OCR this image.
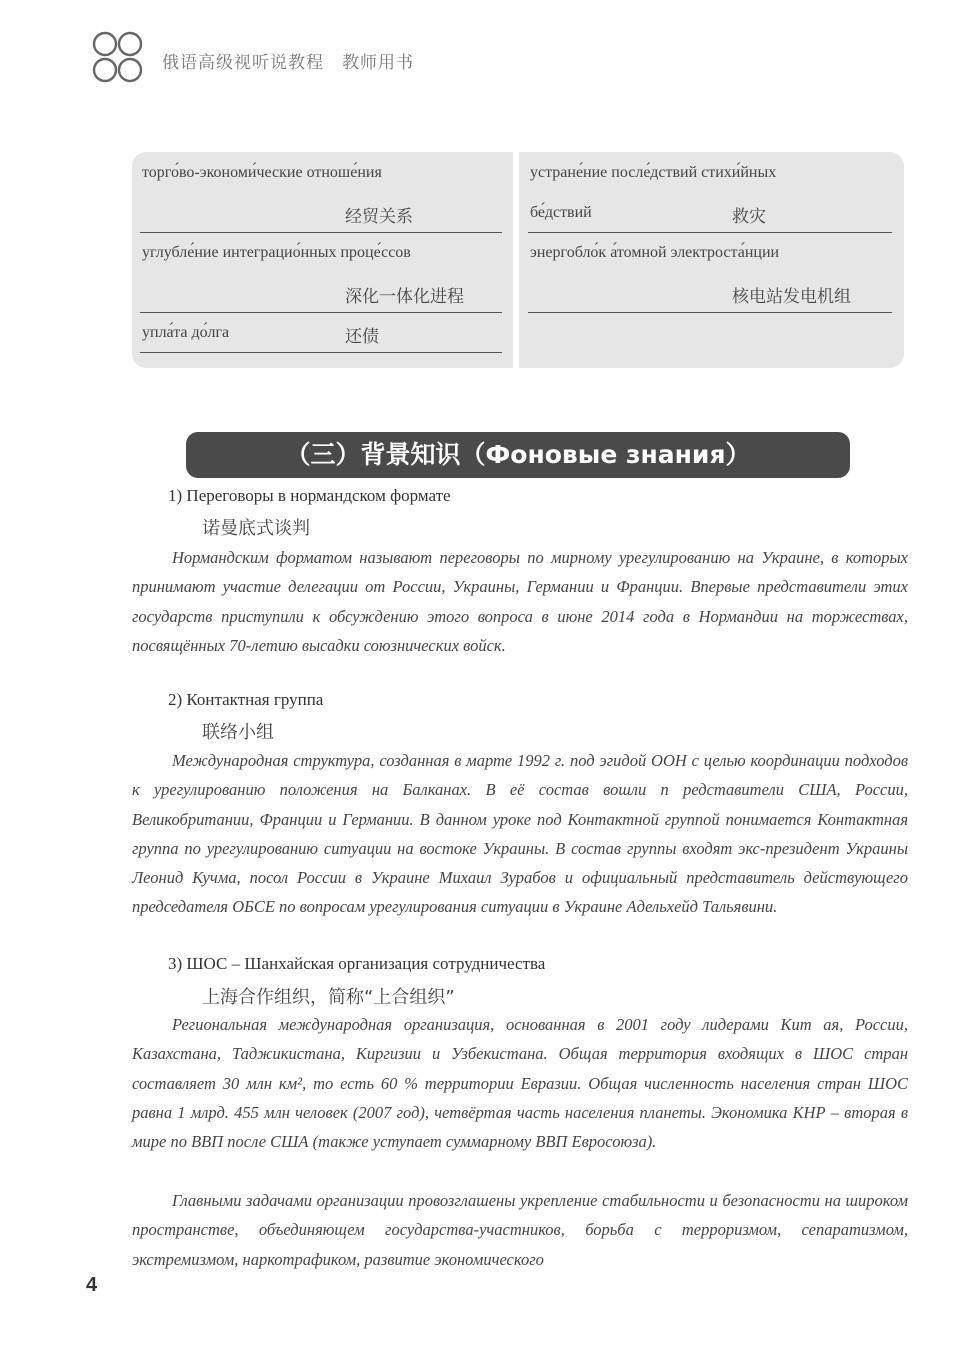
俄语高级视听说教程　教师用书
торго́во-экономи́ческие отноше́ния
经贸关系
углубле́ние интеграцио́нных проце́ссов
深化一体化进程
упла́та до́лга	还债
устране́ние после́дствий стихи́йных
бе́дствий	救灾
энергобло́к а́томной электроста́нции
核电站发电机组
（三）背景知识（Фоновые знания）
1) Переговоры в нормандском формате
诺曼底式谈判

Нормандским форматом называют переговоры по мирному урегулированию на Украине, в которых принимают участие делегации от России, Украины, Германии и Франции. Впервые представители этих государств приступили к обсуждению этого вопроса в июне 2014 года в Нормандии на торжествах, посвящённых 70-летию высадки союзнических войск.

2) Контактная группа
联络小组

Международная структура, созданная в марте 1992 г. под эгидой ООН с целью координации подходов к урегулированию положения на Балканах. В её состав вошли п редставители США, России, Великобритании, Франции и Германии. В данном уроке под Контактной группой понимается Контактная группа по урегулированию ситуации на востоке Украины. В состав группы входят экс-президент Украины Леонид Кучма, посол России в Украине Михаил Зурабов и официальный представитель действующего председателя ОБСЕ по вопросам урегулирования ситуации в Украине Адельхейд Тальявини.

3) ШОС – Шанхайская организация сотрудничества
上海合作组织，简称“上合组织”

Региональная международная организация, основанная в 2001 году лидерами Кит ая, России, Казахстана, Таджикистана, Киргизии и Узбекистана. Общая территория входящих в ШОС стран составляет 30 млн км², то есть 60 % территории Евразии. Общая численность населения стран ШОС равна 1 млрд. 455 млн человек (2007 год), четвёртая часть населения планеты. Экономика КНР – вторая в мире по ВВП после США (также уступает суммарному ВВП Евросоюза).

Главными задачами организации провозглашены укрепление стабильности и безопасности на широком пространстве, объединяющем государства-участников, борьба с терроризмом, сепаратизмом, экстремизмом, наркотрафиком, развитие экономического

4
